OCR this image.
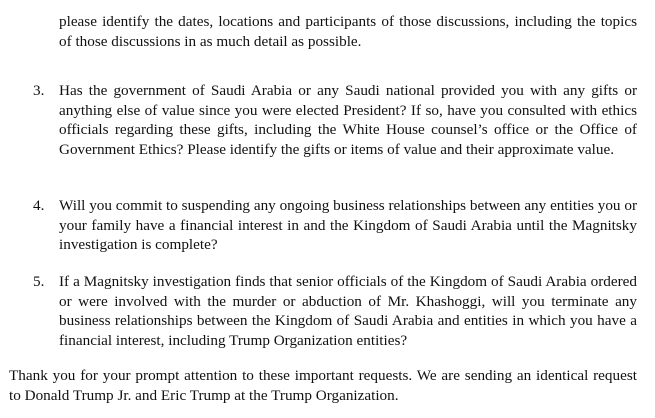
please identify the dates, locations and participants of those discussions, including the topics of those discussions in as much detail as possible.

3. Has the government of Saudi Arabia or any Saudi national provided you with any gifts or anything else of value since you were elected President? If so, have you consulted with ethics officials regarding these gifts, including the White House counsel’s office or the Office of Government Ethics? Please identify the gifts or items of value and their approximate value.

4. Will you commit to suspending any ongoing business relationships between any entities you or your family have a financial interest in and the Kingdom of Saudi Arabia until the Magnitsky investigation is complete?

5. If a Magnitsky investigation finds that senior officials of the Kingdom of Saudi Arabia ordered or were involved with the murder or abduction of Mr. Khashoggi, will you terminate any business relationships between the Kingdom of Saudi Arabia and entities in which you have a financial interest, including Trump Organization entities?

Thank you for your prompt attention to these important requests. We are sending an identical request to Donald Trump Jr. and Eric Trump at the Trump Organization.
